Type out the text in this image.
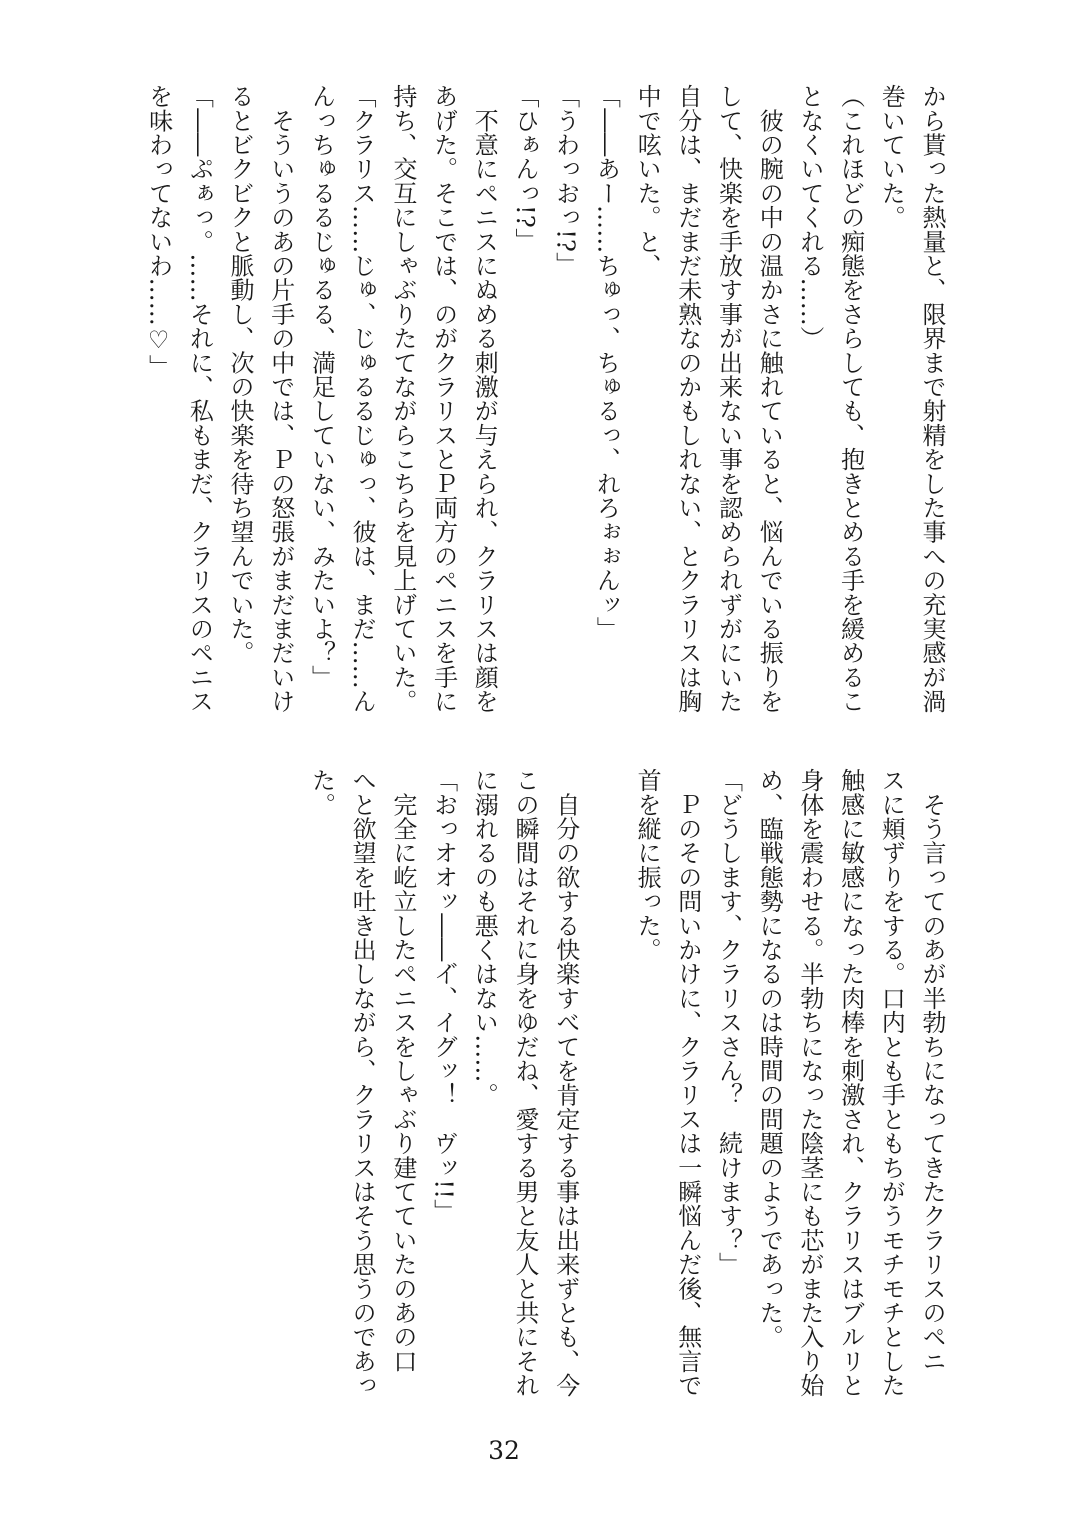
から貰った熱量と、限界まで射精をした事への充実感が渦
巻いていた。
（これほどの痴態をさらしても、抱きとめる手を緩めるこ
となくいてくれる……）
　彼の腕の中の温かさに触れていると、悩んでいる振りを
して、快楽を手放す事が出来ない事を認められずがにいた
自分は、まだまだ未熟なのかもしれない、とクラリスは胸
中で呟いた。と、
「――あー……ちゅっ、ちゅるっ、れろぉぉんッ」
「うわっおっ!?」
「ひぁんっ!?」
　不意にペニスにぬめる刺激が与えられ、クラリスは顔を
あげた。そこでは、のがクラリスとＰ両方のペニスを手に
持ち、交互にしゃぶりたてながらこちらを見上げていた。
「クラリス……じゅ、じゅるるじゅっ、彼は、まだ……ん
んっちゅるるじゅるる、満足していない、みたいよ？」
　そういうのあの片手の中では、Ｐの怒張がまだまだいけ
るとビクビクと脈動し、次の快楽を待ち望んでいた。
「――ぷぁっ。……それに、私もまだ、クラリスのペニス
を味わってないわ……♡」
　そう言ってのあが半勃ちになってきたクラリスのペニ
スに頬ずりをする。口内とも手ともちがうモチモチとした
触感に敏感になった肉棒を刺激され、クラリスはブルリと
身体を震わせる。半勃ちになった陰茎にも芯がまた入り始
め、臨戦態勢になるのは時間の問題のようであった。
「どうします、クラリスさん？　続けます？」
　Ｐのその問いかけに、クラリスは一瞬悩んだ後、無言で
首を縦に振った。
　自分の欲する快楽すべてを肯定する事は出来ずとも、今
この瞬間はそれに身をゆだね、愛する男と友人と共にそれ
に溺れるのも悪くはない……。
「おっオオッ――イ゙、イグッ！　ヴッ!!」
　完全に屹立したペニスをしゃぶり建てていたのあの口
へと欲望を吐き出しながら、クラリスはそう思うのであっ
た。
32
